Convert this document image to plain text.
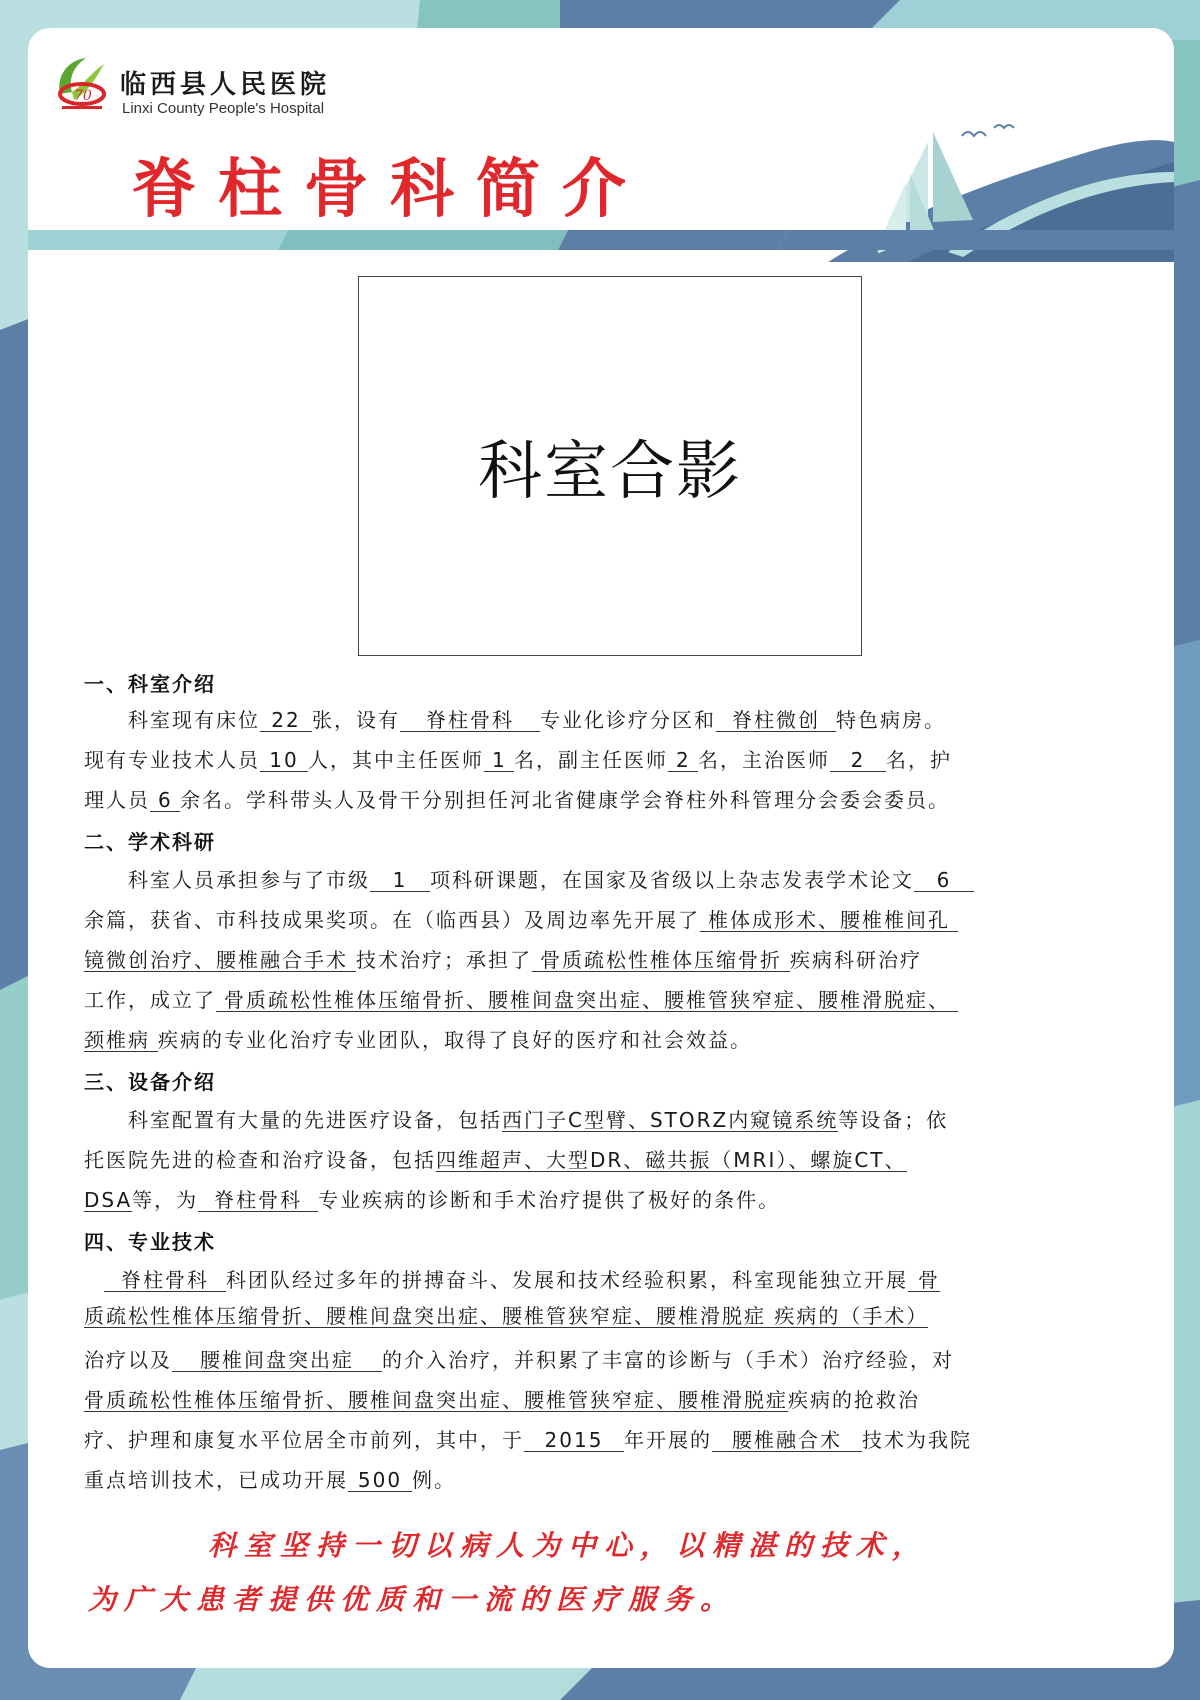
70 临西县人民医院
Linxi County People's Hospital
脊柱骨科简介
科室合影
一、科室介绍
科室现有床位 22 张，设有 脊柱骨科 专业化诊疗分区和 脊柱微创 特色病房。
现有专业技术人员 10 人，其中主任医师 1 名，副主任医师 2 名，主治医师 2 名，护
理人员 6 余名。学科带头人及骨干分别担任河北省健康学会脊柱外科管理分会委会委员。
二、学术科研
科室人员承担参与了市级 1 项科研课题，在国家及省级以上杂志发表学术论文 6
余篇，获省、市科技成果奖项。在（临西县）及周边率先开展了 椎体成形术、腰椎椎间孔
镜微创治疗、腰椎融合手术 技术治疗；承担了 骨质疏松性椎体压缩骨折 疾病科研治疗
工作，成立了 骨质疏松性椎体压缩骨折、腰椎间盘突出症、腰椎管狭窄症、腰椎滑脱症、
颈椎病 疾病的专业化治疗专业团队，取得了良好的医疗和社会效益。
三、设备介绍
科室配置有大量的先进医疗设备，包括西门子C型臂、STORZ内窥镜系统等设备；依
托医院先进的检查和治疗设备，包括四维超声、大型DR、磁共振（MRI）、螺旋CT、
DSA等，为 脊柱骨科 专业疾病的诊断和手术治疗提供了极好的条件。
四、专业技术
脊柱骨科 科团队经过多年的拼搏奋斗、发展和技术经验积累，科室现能独立开展 骨
质疏松性椎体压缩骨折、腰椎间盘突出症、腰椎管狭窄症、腰椎滑脱症 疾病的（手术）
治疗以及 腰椎间盘突出症 的介入治疗，并积累了丰富的诊断与（手术）治疗经验，对
骨质疏松性椎体压缩骨折、腰椎间盘突出症、腰椎管狭窄症、腰椎滑脱症疾病的抢救治
疗、护理和康复水平位居全市前列，其中，于 2015 年开展的 腰椎融合术 技术为我院
重点培训技术，已成功开展 500 例。
科室坚持一切以病人为中心，以精湛的技术，
为广大患者提供优质和一流的医疗服务。
